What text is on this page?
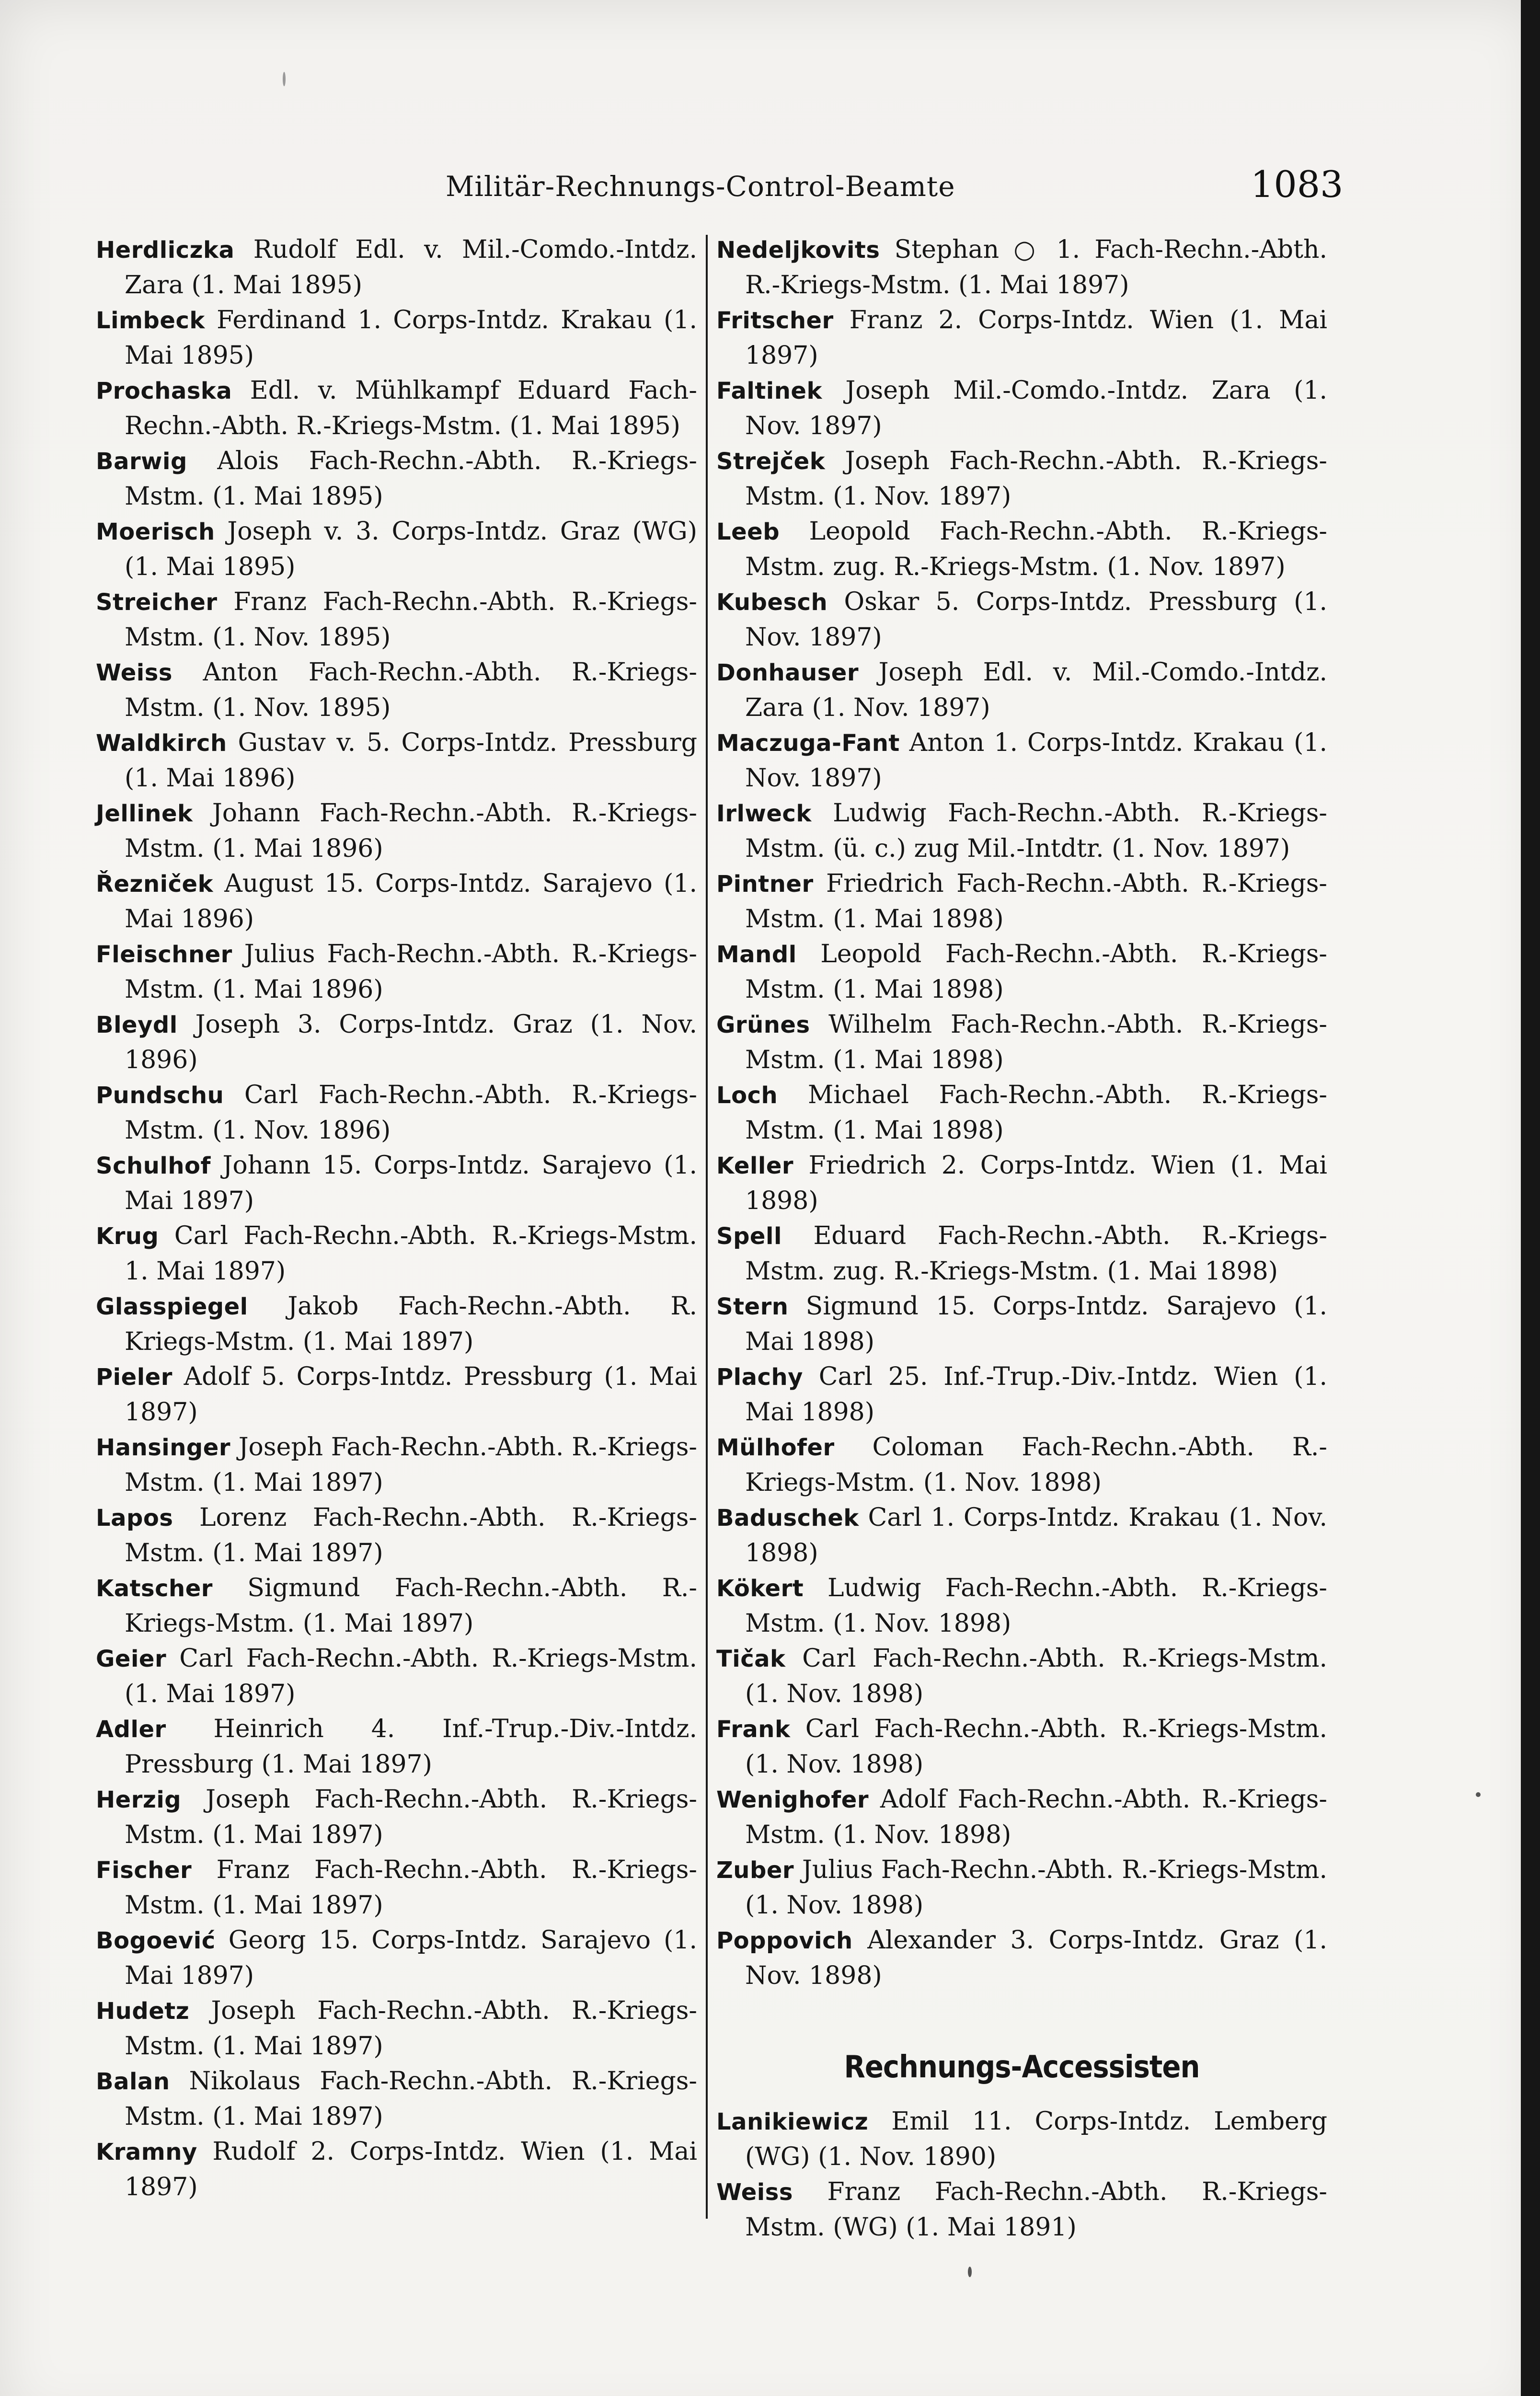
Militär-Rechnungs-Control-Beamte	1083

Herdliczka Rudolf Edl. v. Mil.-Comdo.-Intdz. Zara (1. Mai 1895)

Limbeck Ferdinand 1. Corps-Intdz. Krakau (1. Mai 1895)

Prochaska Edl. v. Mühlkampf Eduard Fach-Rechn.-Abth. R.-Kriegs-Mstm. (1. Mai 1895)

Barwig Alois Fach-Rechn.-Abth. R.-Kriegs-Mstm. (1. Mai 1895)

Moerisch Joseph v. 3. Corps-Intdz. Graz (WG) (1. Mai 1895)

Streicher Franz Fach-Rechn.-Abth. R.-Kriegs-Mstm. (1. Nov. 1895)

Weiss Anton Fach-Rechn.-Abth. R.-Kriegs-Mstm. (1. Nov. 1895)

Waldkirch Gustav v. 5. Corps-Intdz. Pressburg (1. Mai 1896)

Jellinek Johann Fach-Rechn.-Abth. R.-Kriegs-Mstm. (1. Mai 1896)

Řezniček August 15. Corps-Intdz. Sarajevo (1. Mai 1896)

Fleischner Julius Fach-Rechn.-Abth. R.-Kriegs-Mstm. (1. Mai 1896)

Bleydl Joseph 3. Corps-Intdz. Graz (1. Nov. 1896)

Pundschu Carl Fach-Rechn.-Abth. R.-Kriegs-Mstm. (1. Nov. 1896)

Schulhof Johann 15. Corps-Intdz. Sarajevo (1. Mai 1897)

Krug Carl Fach-Rechn.-Abth. R.-Kriegs-Mstm. 1. Mai 1897)

Glasspiegel Jakob Fach-Rechn.-Abth. R. Kriegs-Mstm. (1. Mai 1897)

Pieler Adolf 5. Corps-Intdz. Pressburg (1. Mai 1897)

Hansinger Joseph Fach-Rechn.-Abth. R.-Kriegs-Mstm. (1. Mai 1897)

Lapos Lorenz Fach-Rechn.-Abth. R.-Kriegs-Mstm. (1. Mai 1897)

Katscher Sigmund Fach-Rechn.-Abth. R.-Kriegs-Mstm. (1. Mai 1897)

Geier Carl Fach-Rechn.-Abth. R.-Kriegs-Mstm. (1. Mai 1897)

Adler Heinrich 4. Inf.-Trup.-Div.-Intdz. Pressburg (1. Mai 1897)

Herzig Joseph Fach-Rechn.-Abth. R.-Kriegs-Mstm. (1. Mai 1897)

Fischer Franz Fach-Rechn.-Abth. R.-Kriegs-Mstm. (1. Mai 1897)

Bogoević Georg 15. Corps-Intdz. Sarajevo (1. Mai 1897)

Hudetz Joseph Fach-Rechn.-Abth. R.-Kriegs-Mstm. (1. Mai 1897)

Balan Nikolaus Fach-Rechn.-Abth. R.-Kriegs-Mstm. (1. Mai 1897)

Kramny Rudolf 2. Corps-Intdz. Wien (1. Mai 1897)

Nedeljkovits Stephan ○ 1. Fach-Rechn.-Abth. R.-Kriegs-Mstm. (1. Mai 1897)

Fritscher Franz 2. Corps-Intdz. Wien (1. Mai 1897)

Faltinek Joseph Mil.-Comdo.-Intdz. Zara (1. Nov. 1897)

Strejček Joseph Fach-Rechn.-Abth. R.-Kriegs-Mstm. (1. Nov. 1897)

Leeb Leopold Fach-Rechn.-Abth. R.-Kriegs-Mstm. zug. R.-Kriegs-Mstm. (1. Nov. 1897)

Kubesch Oskar 5. Corps-Intdz. Pressburg (1. Nov. 1897)

Donhauser Joseph Edl. v. Mil.-Comdo.-Intdz. Zara (1. Nov. 1897)

Maczuga-Fant Anton 1. Corps-Intdz. Krakau (1. Nov. 1897)

Irlweck Ludwig Fach-Rechn.-Abth. R.-Kriegs-Mstm. (ü. c.) zug Mil.-Intdtr. (1. Nov. 1897)

Pintner Friedrich Fach-Rechn.-Abth. R.-Kriegs-Mstm. (1. Mai 1898)

Mandl Leopold Fach-Rechn.-Abth. R.-Kriegs-Mstm. (1. Mai 1898)

Grünes Wilhelm Fach-Rechn.-Abth. R.-Kriegs-Mstm. (1. Mai 1898)

Loch Michael Fach-Rechn.-Abth. R.-Kriegs-Mstm. (1. Mai 1898)

Keller Friedrich 2. Corps-Intdz. Wien (1. Mai 1898)

Spell Eduard Fach-Rechn.-Abth. R.-Kriegs-Mstm. zug. R.-Kriegs-Mstm. (1. Mai 1898)

Stern Sigmund 15. Corps-Intdz. Sarajevo (1. Mai 1898)

Plachy Carl 25. Inf.-Trup.-Div.-Intdz. Wien (1. Mai 1898)

Mülhofer Coloman Fach-Rechn.-Abth. R.-Kriegs-Mstm. (1. Nov. 1898)

Baduschek Carl 1. Corps-Intdz. Krakau (1. Nov. 1898)

Kökert Ludwig Fach-Rechn.-Abth. R.-Kriegs-Mstm. (1. Nov. 1898)

Tičak Carl Fach-Rechn.-Abth. R.-Kriegs-Mstm. (1. Nov. 1898)

Frank Carl Fach-Rechn.-Abth. R.-Kriegs-Mstm. (1. Nov. 1898)

Wenighofer Adolf Fach-Rechn.-Abth. R.-Kriegs-Mstm. (1. Nov. 1898)

Zuber Julius Fach-Rechn.-Abth. R.-Kriegs-Mstm. (1. Nov. 1898)

Poppovich Alexander 3. Corps-Intdz. Graz (1. Nov. 1898)

Rechnungs-Accessisten

Lanikiewicz Emil 11. Corps-Intdz. Lemberg (WG) (1. Nov. 1890)

Weiss Franz Fach-Rechn.-Abth. R.-Kriegs-Mstm. (WG) (1. Mai 1891)
